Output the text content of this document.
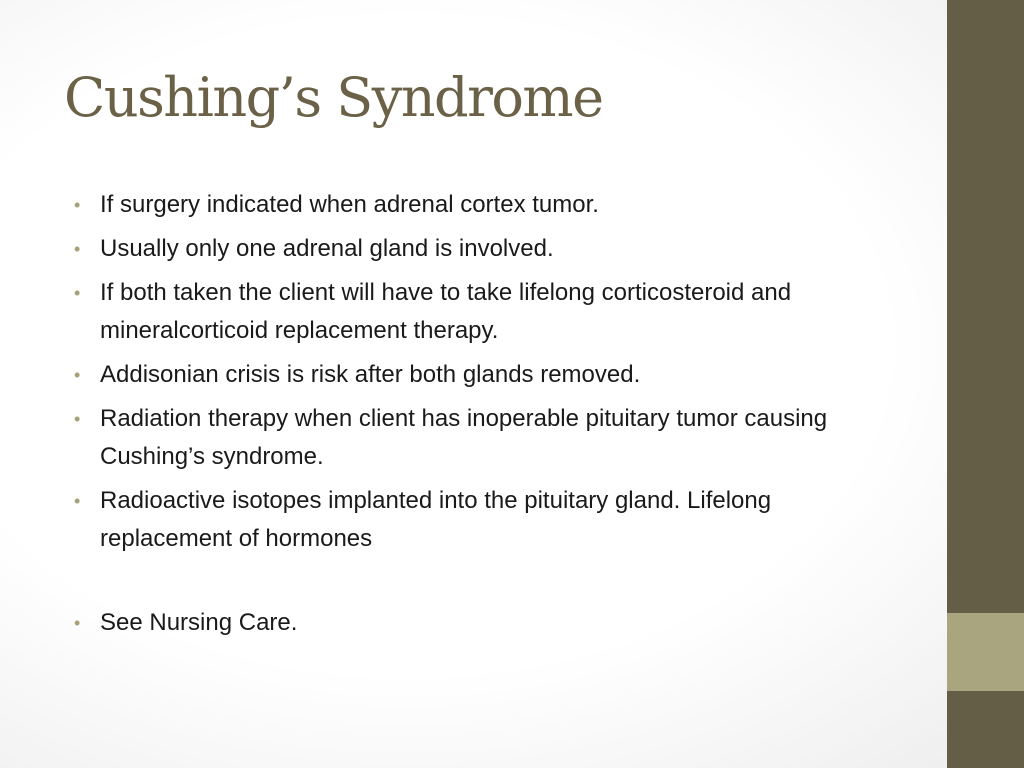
Cushing’s Syndrome
• If surgery indicated when adrenal cortex tumor.
• Usually only one adrenal gland is involved.
• If both taken the client will have to take lifelong corticosteroid and mineralcorticoid replacement therapy.
• Addisonian crisis is risk after both glands removed.
• Radiation therapy when client has inoperable pituitary tumor causing Cushing’s syndrome.
• Radioactive isotopes implanted into the pituitary gland. Lifelong replacement of hormones
• See Nursing Care.
